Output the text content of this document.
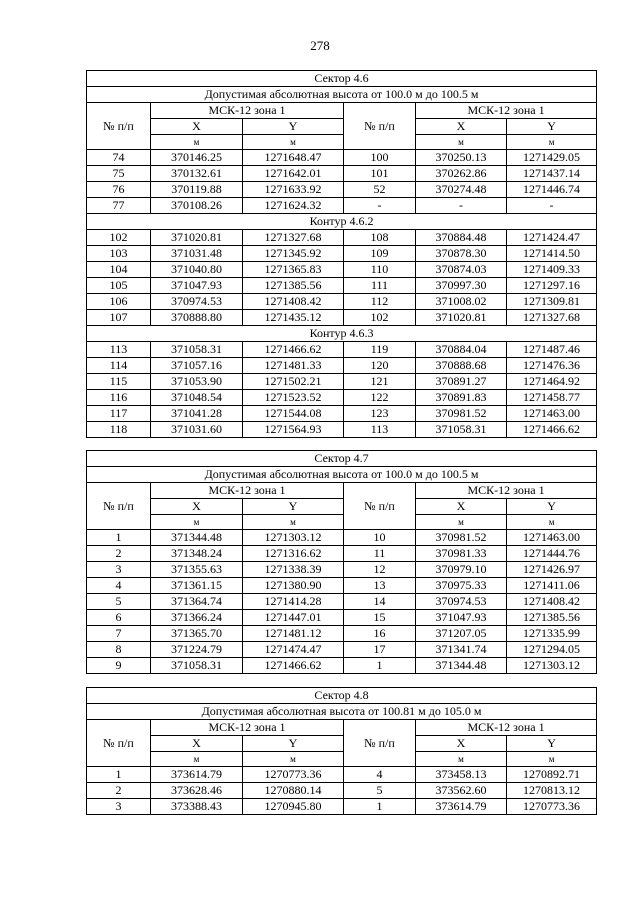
278
Сектор 4.6					
Допустимая абсолютная высота от 100.0 м до 100.5 м					
№ п/п	МСК-12 зона 1		№ п/п	МСК-12 зона 1	
	X	Y		X	Y
	м	м		м	м
74	370146.25	1271648.47	100	370250.13	1271429.05
75	370132.61	1271642.01	101	370262.86	1271437.14
76	370119.88	1271633.92	52	370274.48	1271446.74
77	370108.26	1271624.32	-	-	-
Контур 4.6.2					
102	371020.81	1271327.68	108	370884.48	1271424.47
103	371031.48	1271345.92	109	370878.30	1271414.50
104	371040.80	1271365.83	110	370874.03	1271409.33
105	371047.93	1271385.56	111	370997.30	1271297.16
106	370974.53	1271408.42	112	371008.02	1271309.81
107	370888.80	1271435.12	102	371020.81	1271327.68
Контур 4.6.3					
113	371058.31	1271466.62	119	370884.04	1271487.46
114	371057.16	1271481.33	120	370888.68	1271476.36
115	371053.90	1271502.21	121	370891.27	1271464.92
116	371048.54	1271523.52	122	370891.83	1271458.77
117	371041.28	1271544.08	123	370981.52	1271463.00
118	371031.60	1271564.93	113	371058.31	1271466.62
Сектор 4.7					
Допустимая абсолютная высота от 100.0 м до 100.5 м					
№ п/п	МСК-12 зона 1		№ п/п	МСК-12 зона 1	
	X	Y		X	Y
	м	м		м	м
1	371344.48	1271303.12	10	370981.52	1271463.00
2	371348.24	1271316.62	11	370981.33	1271444.76
3	371355.63	1271338.39	12	370979.10	1271426.97
4	371361.15	1271380.90	13	370975.33	1271411.06
5	371364.74	1271414.28	14	370974.53	1271408.42
6	371366.24	1271447.01	15	371047.93	1271385.56
7	371365.70	1271481.12	16	371207.05	1271335.99
8	371224.79	1271474.47	17	371341.74	1271294.05
9	371058.31	1271466.62	1	371344.48	1271303.12
Сектор 4.8					
Допустимая абсолютная высота от 100.81 м до 105.0 м					
№ п/п	МСК-12 зона 1		№ п/п	МСК-12 зона 1	
	X	Y		X	Y
	м	м		м	м
1	373614.79	1270773.36	4	373458.13	1270892.71
2	373628.46	1270880.14	5	373562.60	1270813.12
3	373388.43	1270945.80	1	373614.79	1270773.36
